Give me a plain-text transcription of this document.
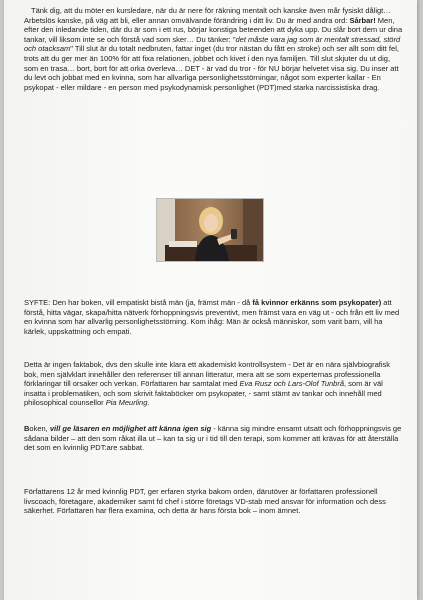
Tänk dig, att du möter en kursledare, när du är nere för räkning mentalt och kanske även mår fysiskt dåligt… Arbetslös kanske, på väg att bli, eller annan omvälvande förändring i ditt liv. Du är med andra ord: Sårbar! Men, efter den inledande tiden, där du är som i ett rus, börjar konstiga beteenden att dyka upp. Du slår bort dem ur dina tankar, vill liksom inte se och förstå vad som sker… Du tänker: "det måste vara jag som är mentalt stressad, störd och otacksam" Till slut är du totalt nedbruten, fattar inget (du tror nästan du fått en stroke) och ser allt som ditt fel, trots att du ger mer än 100% för att fixa relationen, jobbet och kivet i den nya familjen. Till slut skjuter du ut dig, som en trasa… bort, bort för att orka överleva… DET - är vad du tror - för NU börjar helvetet visa sig. Du inser att du levt och jobbat med en kvinna, som har allvarliga personlighetsstörningar, något som experter kallar - En psykopat - eller mildare - en person med psykodynamisk personlighet (PDT)med starka narcissistiska drag.
SYFTE: Den har boken, vill empatiskt bistå män (ja, främst män - då få kvinnor erkänns som psykopater) att förstå, hitta vägar, skapa/hitta nätverk förhoppningsvis preventivt, men främst vara en väg ut - och från ett liv med en kvinna som har allvarlig personlighetsstörning. Kom ihåg: Män är också människor, som varit barn, vill ha kärlek, uppskattning och empati.
Detta är ingen faktabok, dvs den skulle inte klara ett akademiskt kontrollsystem - Det är en nära självbiografisk bok, men självklart innehåller den referenser till annan litteratur, mera att se som experternas professionella förklaringar till orsaker och verkan. Författaren har samtalat med Eva Rusz och Lars-Olof Tunbrå, som är väl insatta i problematiken, och som skrivit faktaböcker om psykopater, - samt stämt av tankar och innehåll med philosophical counsellor Pia Meurling.
Boken, vill ge läsaren en möjlighet att känna igen sig - känna sig mindre ensamt utsatt och förhoppningsvis ge sådana bilder – att den som råkat illa ut – kan ta sig ur i tid till den terapi, som kommer att krävas för att återställa det som en kvinnlig PDT:are sabbat.
Författarens 12 år med kvinnlig PDT, ger erfaren styrka bakom orden, därutöver är författaren professionell livscoach, företagare, akademiker samt fd chef i större företags VD-stab med ansvar för information och dess säkerhet. Författaren har flera examina, och detta är hans första bok – inom ämnet.
